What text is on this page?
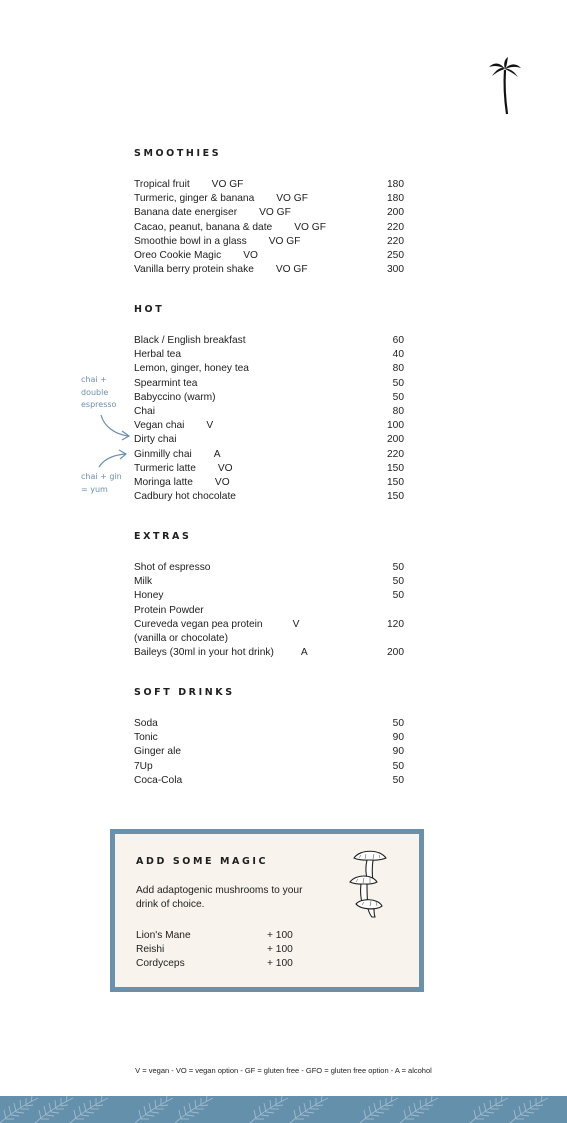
SMOOTHIES
Tropical fruit VO GF	180
Turmeric, ginger & banana VO GF	180
Banana date energiser VO GF	200
Cacao, peanut, banana & date VO GF	220
Smoothie bowl in a glass VO GF	220
Oreo Cookie Magic VO	250
Vanilla berry protein shake VO GF	300
HOT
Black / English breakfast	60
Herbal tea	40
Lemon, ginger, honey tea	80
Spearmint tea	50
Babyccino (warm)	50
Chai	80
Vegan chai V	100
Dirty chai	200
Ginmilly chai A	220
Turmeric latte VO	150
Moringa latte VO	150
Cadbury hot chocolate	150
chai + double espresso
chai + gin = yum
EXTRAS
Shot of espresso	50
Milk	50
Honey	50
Protein Powder
Cureveda vegan pea protein	V	120
(vanilla or chocolate)
Baileys (30ml in your hot drink)	A	200
SOFT DRINKS
Soda	50
Tonic	90
Ginger ale	90
7Up	50
Coca-Cola	50
ADD SOME MAGIC
Add adaptogenic mushrooms to your drink of choice.
Lion's Mane	+ 100
Reishi	+ 100
Cordyceps	+ 100
V = vegan - VO = vegan option - GF = gluten free - GFO = gluten free option - A = alcohol
